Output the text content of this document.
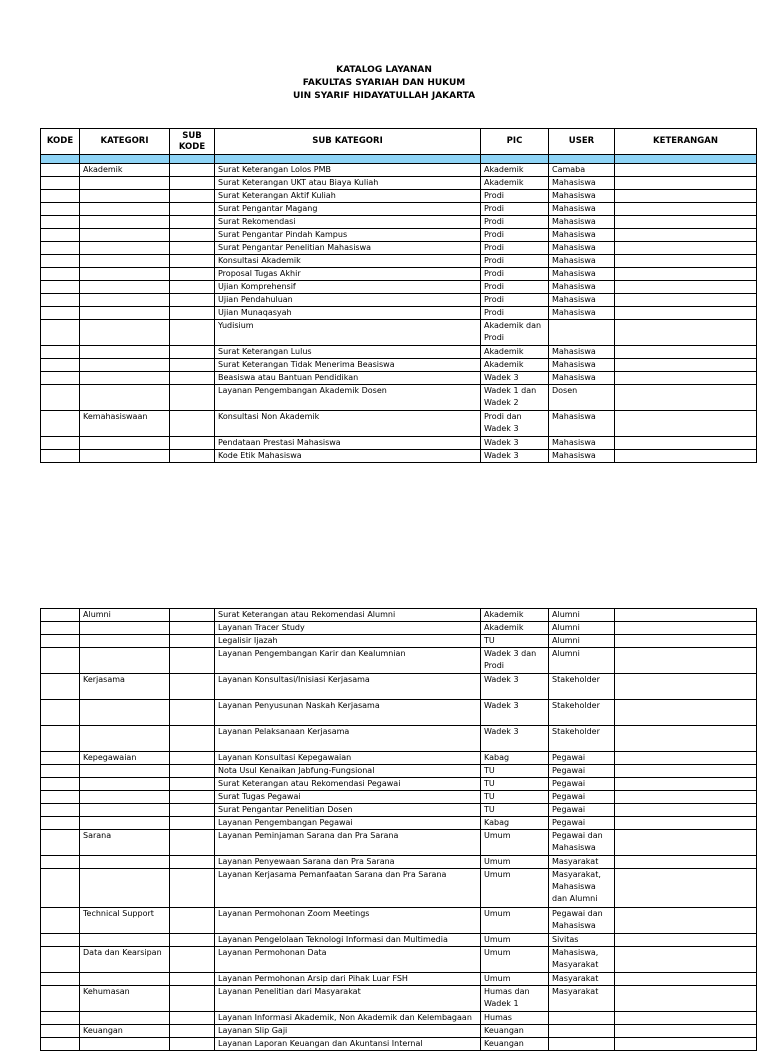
KATALOG LAYANAN
FAKULTAS SYARIAH DAN HUKUM
UIN SYARIF HIDAYATULLAH JAKARTA
KODE	KATEGORI	SUB KODE	SUB KATEGORI	PIC	USER	KETERANGAN

	Akademik		Surat Keterangan Lolos PMB	Akademik	Camaba	
			Surat Keterangan UKT atau Biaya Kuliah	Akademik	Mahasiswa	
			Surat Keterangan Aktif Kuliah	Prodi	Mahasiswa	
			Surat Pengantar Magang	Prodi	Mahasiswa	
			Surat Rekomendasi	Prodi	Mahasiswa	
			Surat Pengantar Pindah Kampus	Prodi	Mahasiswa	
			Surat Pengantar Penelitian Mahasiswa	Prodi	Mahasiswa	
			Konsultasi Akademik	Prodi	Mahasiswa	
			Proposal Tugas Akhir	Prodi	Mahasiswa	
			Ujian Komprehensif	Prodi	Mahasiswa	
			Ujian Pendahuluan	Prodi	Mahasiswa	
			Ujian Munaqasyah	Prodi	Mahasiswa	
			Yudisium	Akademik dan Prodi		
			Surat Keterangan Lulus	Akademik	Mahasiswa	
			Surat Keterangan Tidak Menerima Beasiswa	Akademik	Mahasiswa	
			Beasiswa atau Bantuan Pendidikan	Wadek 3	Mahasiswa	
			Layanan Pengembangan Akademik Dosen	Wadek 1 dan Wadek 2	Dosen	
	Kemahasiswaan		Konsultasi Non Akademik	Prodi dan Wadek 3	Mahasiswa	
			Pendataan Prestasi Mahasiswa	Wadek 3	Mahasiswa	
			Kode Etik Mahasiswa	Wadek 3	Mahasiswa	
	Alumni		Surat Keterangan atau Rekomendasi Alumni	Akademik	Alumni	
			Layanan Tracer Study	Akademik	Alumni	
			Legalisir Ijazah	TU	Alumni	
			Layanan Pengembangan Karir dan Kealumnian	Wadek 3 dan Prodi	Alumni	
	Kerjasama		Layanan Konsultasi/Inisiasi Kerjasama	Wadek 3	Stakeholder	
			Layanan Penyusunan Naskah Kerjasama	Wadek 3	Stakeholder	
			Layanan Pelaksanaan Kerjasama	Wadek 3	Stakeholder	
	Kepegawaian		Layanan Konsultasi Kepegawaian	Kabag	Pegawai	
			Nota Usul Kenaikan Jabfung-Fungsional	TU	Pegawai	
			Surat Keterangan atau Rekomendasi Pegawai	TU	Pegawai	
			Surat Tugas Pegawai	TU	Pegawai	
			Surat Pengantar Penelitian Dosen	TU	Pegawai	
			Layanan Pengembangan Pegawai	Kabag	Pegawai	
	Sarana		Layanan Peminjaman Sarana dan Pra Sarana	Umum	Pegawai dan Mahasiswa	
			Layanan Penyewaan Sarana dan Pra Sarana	Umum	Masyarakat	
			Layanan Kerjasama Pemanfaatan Sarana dan Pra Sarana	Umum	Masyarakat, Mahasiswa dan Alumni	
	Technical Support		Layanan Permohonan Zoom Meetings	Umum	Pegawai dan Mahasiswa	
			Layanan Pengelolaan Teknologi Informasi dan Multimedia	Umum	Sivitas	
	Data dan Kearsipan		Layanan Permohonan Data	Umum	Mahasiswa, Masyarakat	
			Layanan Permohonan Arsip dari Pihak Luar FSH	Umum	Masyarakat	
	Kehumasan		Layanan Penelitian dari Masyarakat	Humas dan Wadek 1	Masyarakat	
			Layanan Informasi Akademik, Non Akademik dan Kelembagaan	Humas		
	Keuangan		Layanan Slip Gaji	Keuangan		
			Layanan Laporan Keuangan dan Akuntansi Internal	Keuangan		
